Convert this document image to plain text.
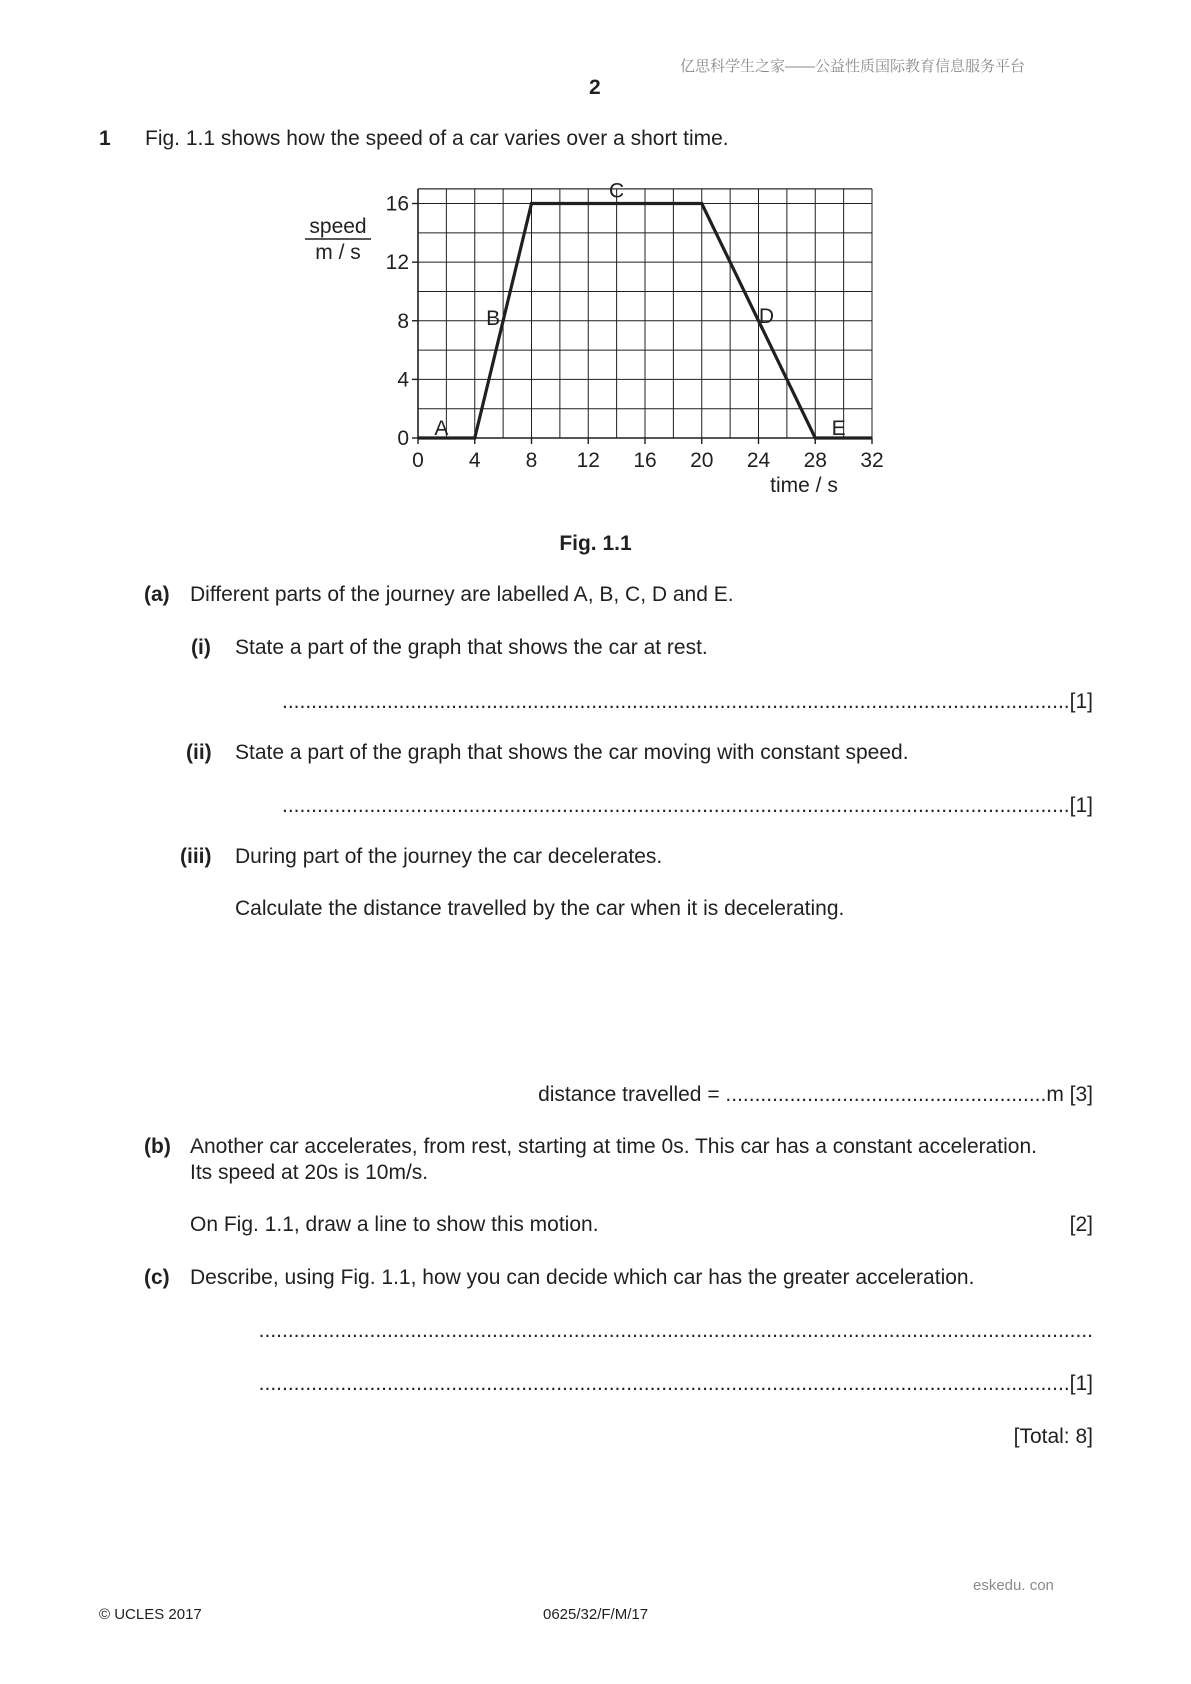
亿思科学生之家——公益性质国际教育信息服务平台
2
1 Fig. 1.1 shows how the speed of a car varies over a short time.
0 4 8 12 16 20 24 28 32
0
4
8
12
16
A
B
C
D
E
speed
m / s
time / s
Fig. 1.1
(a) Different parts of the journey are labelled A, B, C, D and E.
(i) State a part of the graph that shows the car at rest.
.......................................................................................................................................[1]
(ii) State a part of the graph that shows the car moving with constant speed.
.......................................................................................................................................[1]
(iii) During part of the journey the car decelerates.
Calculate the distance travelled by the car when it is decelerating.
distance travelled = .......................................................m [3]
(b) Another car accelerates, from rest, starting at time 0s. This car has a constant acceleration.
Its speed at 20s is 10m/s.
On Fig. 1.1, draw a line to show this motion.	[2]
(c) Describe, using Fig. 1.1, how you can decide which car has the greater acceleration.
...............................................................................................................................................
...........................................................................................................................................[1]
[Total: 8]
eskedu. con
© UCLES 2017	0625/32/F/M/17
